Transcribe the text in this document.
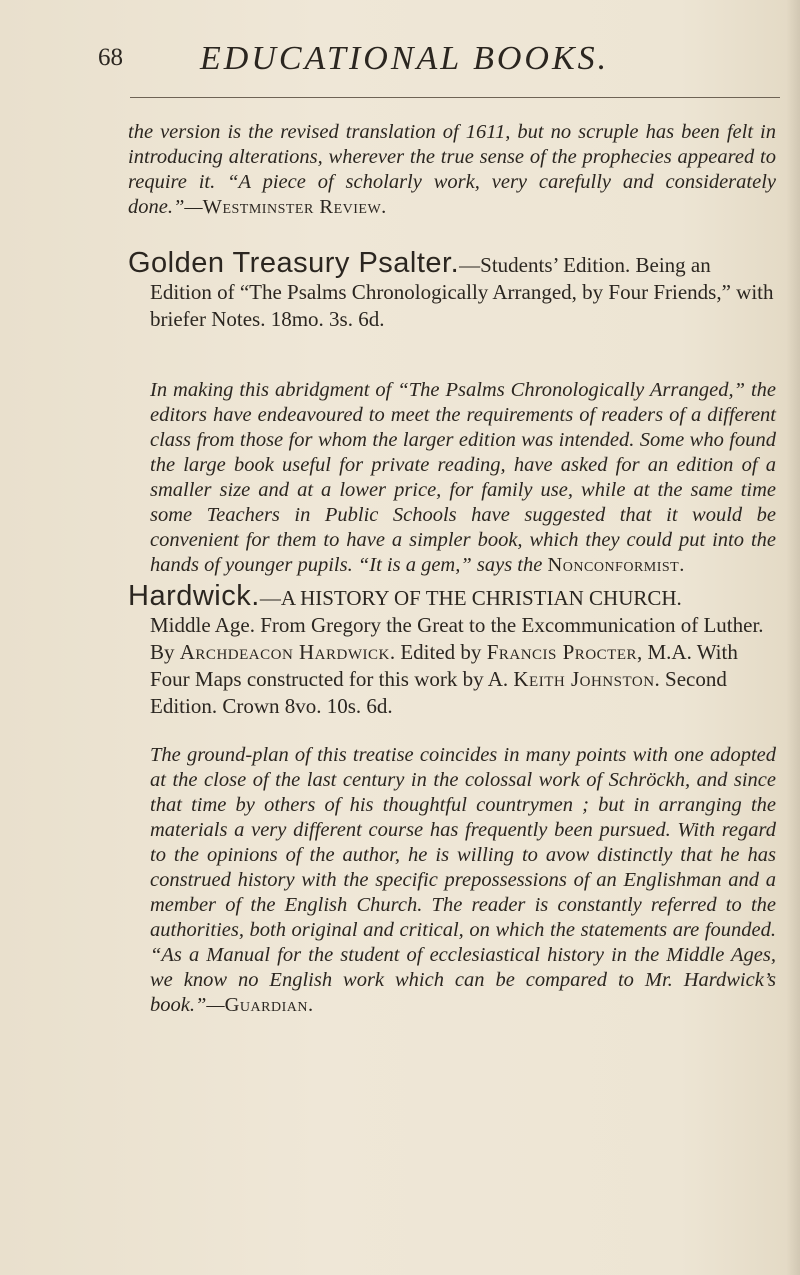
68 EDUCATIONAL BOOKS.

the version is the revised translation of 1611, but no scruple has been felt in introducing alterations, wherever the true sense of the prophecies appeared to require it. “A piece of scholarly work, very carefully and considerately done.”—Westminster Review.

Golden Treasury Psalter.—Students’ Edition. Being an
Edition of “The Psalms Chronologically Arranged, by Four Friends,” with briefer Notes. 18mo. 3s. 6d.

In making this abridgment of “The Psalms Chronologically Arranged,” the editors have endeavoured to meet the requirements of readers of a different class from those for whom the larger edition was intended. Some who found the large book useful for private reading, have asked for an edition of a smaller size and at a lower price, for family use, while at the same time some Teachers in Public Schools have suggested that it would be convenient for them to have a simpler book, which they could put into the hands of younger pupils. “It is a gem,” says the Nonconformist.

Hardwick.—A HISTORY OF THE CHRISTIAN CHURCH.
Middle Age. From Gregory the Great to the Excommunication of Luther. By Archdeacon Hardwick. Edited by Francis Procter, M.A. With Four Maps constructed for this work by A. Keith Johnston. Second Edition. Crown 8vo. 10s. 6d.

The ground-plan of this treatise coincides in many points with one adopted at the close of the last century in the colossal work of Schröckh, and since that time by others of his thoughtful countrymen ; but in arranging the materials a very different course has frequently been pursued. With regard to the opinions of the author, he is willing to avow distinctly that he has construed history with the specific prepossessions of an Englishman and a member of the English Church. The reader is constantly referred to the authorities, both original and critical, on which the statements are founded. “As a Manual for the student of ecclesiastical history in the Middle Ages, we know no English work which can be compared to Mr. Hardwick’s book.”—Guardian.
